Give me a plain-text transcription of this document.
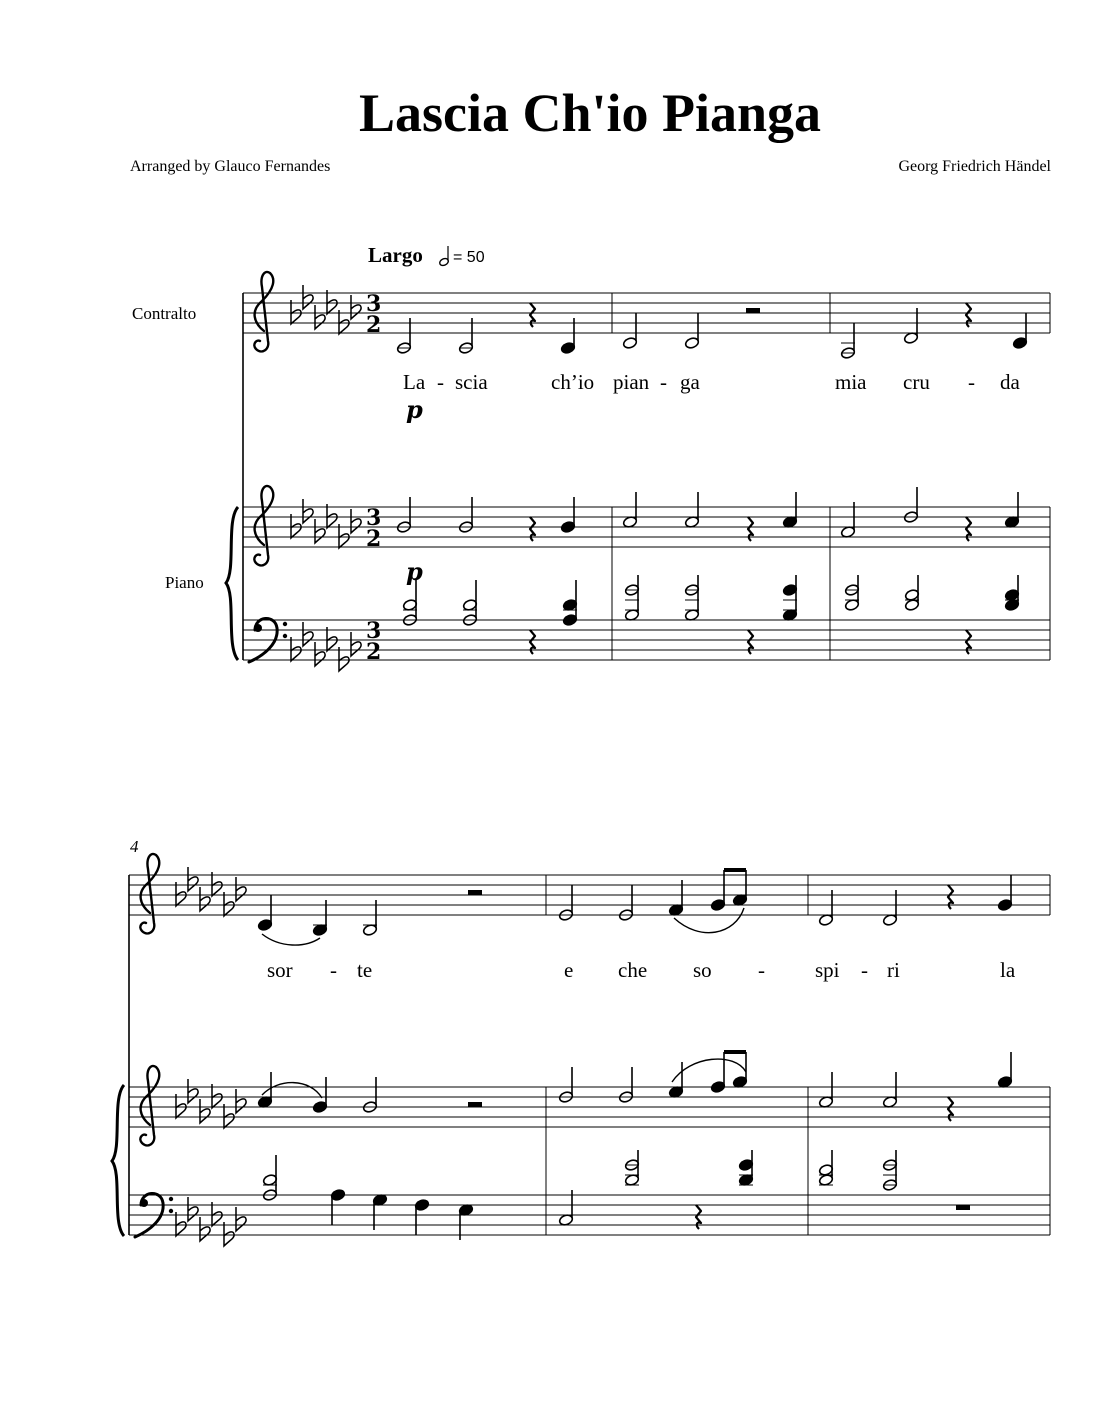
Lascia Ch'io Pianga
Arranged by Glauco Fernandes	Georg Friedrich Händel
Largo = 50
Contralto
Piano
3
2
3
2
3
2
La - scia	ch’io pian - ga	mia cru - da
p
p
4
sor - te	e che so - spi - ri	la
